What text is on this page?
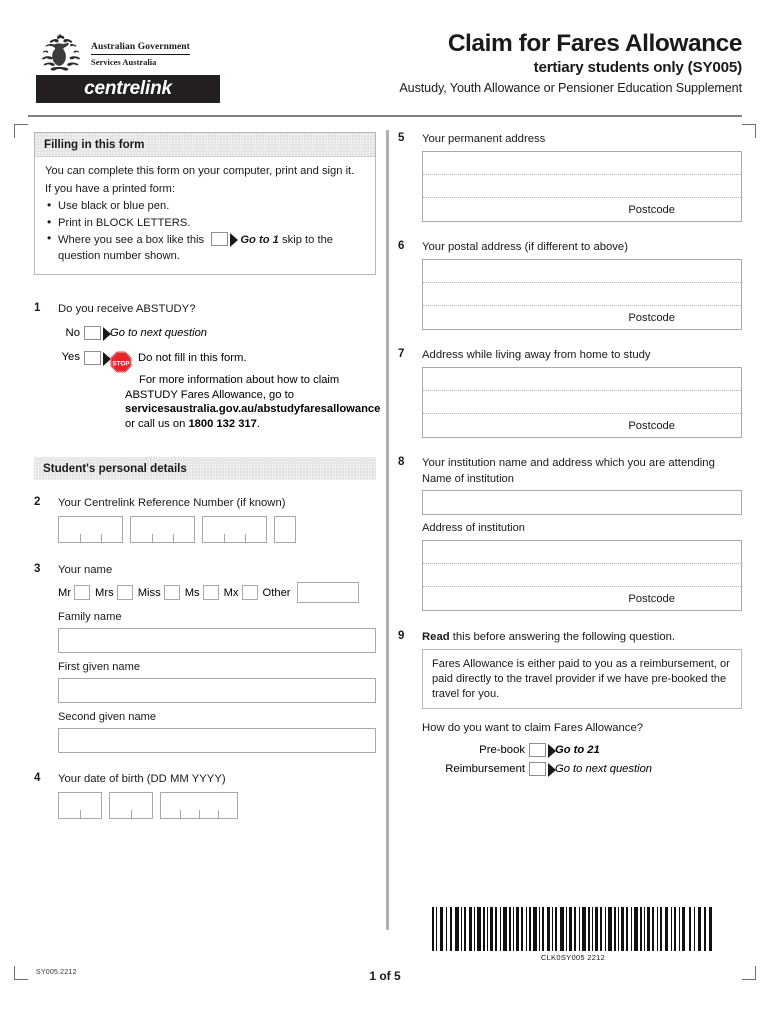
Australian Government
Services Australia
centrelink
Claim for Fares Allowance
tertiary students only (SY005)
Austudy, Youth Allowance or Pensioner Education Supplement
Filling in this form

You can complete this form on your computer, print and sign it.

If you have a printed form:

• Use black or blue pen.
• Print in BLOCK LETTERS.
• Where you see a box like this	Go to 1 skip to the question number shown.
1	Do you receive ABSTUDY?
No	Go to next question
Yes
STOP Do not fill in this form.
For more information about how to claim
ABSTUDY Fares Allowance, go to
servicesaustralia.gov.au/abstudyfaresallowance
or call us on 1800 132 317.
Student's personal details
2	Your Centrelink Reference Number (if known)
3	Your name
Mr Mrs Miss Ms Mx Other
Family name
First given name
Second given name
4	Your date of birth (DD MM YYYY)
5	Your permanent address
Postcode
6	Your postal address (if different to above)
Postcode
7	Address while living away from home to study
Postcode
8	Your institution name and address which you are attending
Name of institution
Address of institution
Postcode
9	Read this before answering the following question.
Fares Allowance is either paid to you as a reimbursement, or paid directly to the travel provider if we have pre-booked the travel for you.
How do you want to claim Fares Allowance?
Pre-book	Go to 21
Reimbursement	Go to next question
CLK0SY005 2212
SY005.2212	1 of 5
